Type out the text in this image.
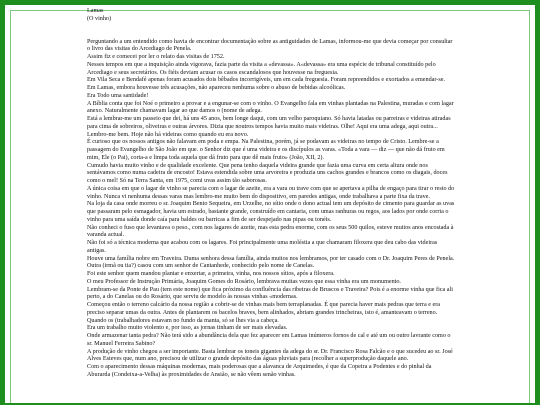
Lamas
(O vinho)

Perguntando a um entendido como havia de encontrar documentação sobre as antiguidades de Lamas, informou-me que devia começar por consultar o livro das visitas do Arcediago de Penela.

Assim fiz e comecei por ler o relato das visitas de 1752.

Nesses tempos em que a inquisição ainda vigorava, fazia parte da visita a «devassa». A«devassa» era uma espécie de tribunal constituído pelo Arcediago e seus secretários. Os fiéis deviam acusar os casos escandalosos que houvesse na freguesia.

Em Vila Seca e Bendafé apenas foram acusados dois bêbados incorrigíveis, um em cada freguesia. Foram repreendidos e exortados a emendar-se.

Em Lamas, embora houvesse três acusações, não apareceu nenhuma sobre o abuso de bebidas alcoólicas.

Era Todo uma santidade!

A Bíblia conta que foi Noé o primeiro a provar e a engunar-se com o vinho. O Evangelho fala em vinhas plantadas na Palestina, muradas e com lagar anexo. Naturalmente chamavam lagar ao que damos o (nome de adega.

Está a lembrar-me um passeio que dei, há uns 45 anos, bem longe daqui, com um velho paroquiano. Só havia latadas ou parreiras e videiras atiradas para cima de sobreiros, oliveiras e outras árvores. Dizia que noutros tempos havia muito mais videiras. Olhe! Aqui era uma adega, aqui outra... Lembro-me bem. Hoje não há videiras como quando eu era novo.

É curioso que os nossos antigos não falavam em poda e empa. Na Palestina, porém, já se podavam as videiras no tempo de Cristo. Lembre-se a passagem do Evangelho de São João em que. o Senhor diz que é uma videira e os discípulos as varas. «Toda a vara — diz — que não dá fruto em mim, Ele (o Pai), corta-a e limpa toda aquela que dá fruto para que dê mais fruto» (João, XII, 2).

Cumudo havia muito vinho e de qualidade excelente. Que pena tenho daquela videira grande que fazia uma curva em certa altura onde nos sentávamos como numa cadeira de encosto! Estava estendida sobre uma arvoreira e produzia uns cachos grandes e brancos como os diagais, doces como o mel! Só na Terra Santa, em 1975, comi uvas assim tão saborosas.

A única coisa em que o lagar de vinho se parecia com o lagar de azeite, era a vara ou trave com que se apertava a pilha de engaço para tirar o resto do vinho. Nunca vi nenhuma dessas varas mas lembro-me muito bem do dispositivo, em paredes antigas, onde trabalhava a parte fixa da trave.

Na loja da casa onde morreu o sr. Joaquim Bento Sequeira, em Urzelhe, no sítio onde o dono actual tem um depósito de cimento para guardar as uvas que passaram pelo esmagador, havia um estrado, bastante grande, construído em cantaria, com umas ranhuras ou regos, aos lados por onde corria o vinho para uma saída donde caía para baldes ou barricas a fim de ser despejado nas pipas ou tonéis.

Não conheci o fuso que levantava o peso., com nos lagares de azeite, mas esta pedra enorme, com os seus 500 quilos, esteve muitos anos encostada à varanda actual.

Não foi só a técnica moderna que acabou com os lagares. Foi principalmente uma moléstia a que chamaram filoxera que deu cabo das videiras antigas.

Houve uma família nobre em Traveira. Duma senhora dessa família, ainda muitos nos lembramos, por ter casado com o Dr. Joaquim Peres de Penela. Outra (irmã ou tia?) casou com um senhor de Cantanhede, conhecido pelo nome de Canelas.

Foi este senhor quem mandou plantar e enxertar, a primeira, vinha, nos nossos sítios, após a filoxera.

O meu Professor de Instrução Primária, Joaquim Gomes do Rosário, lembrava muitas vezes que essa vinha era um monumento.

Lembram-se da Ponte de Pau (tem este nome) que fica próximo da confluência das ribeiras de Bruscos e Traveira? Pois é a enorme vinha que fica ali perto, a do Canelas ou do Rosário, que serviu de modelo às nossas vinhas «modernas.

Começou então o terreno calcário da nossa região a cobrir-se de vinhas mais bem terraplanadas. É que parecia haver mais pedras que terra e era preciso separar umas da outra. Antes de plantarem os bacelos braves, bem alinhados, abriam grandes trincheiras, isto é, amanteavam o terreno. Quando os (trabalhadores estavam no fundo da manta, só se lhes via a cabeça.

Era um trabalho muito violento e, por isso, as jornas tinham de ser mais elevadas.

Onde armazenar tanta pedra? Não terá sido a abundância dela que fez aparecer em Lamas inúmeros fornos de cal e até um ou outro lavrante como o sr. Manuel Ferreira Sabino?

A produção de vinho chegou a ser importante. Basta lembrar os toneis gigantes da adega do sr. Dr. Francisco Rosa Falcão e o que sucedeu ao sr. José Alves Esteves que, num ano, precisou de utilizar o grande depósito das águas pluviais para (recolher a superprodução daquele ano.

Com o aparecimento dessas máquinas modernas, mais poderosas que a alavanca de Arquimedes, é que da Copeira a Podentes e do pinhal da Aburarda (Condeixa-a-Velha) às proximidades de Ansião, se não vêem senão vinhas.
